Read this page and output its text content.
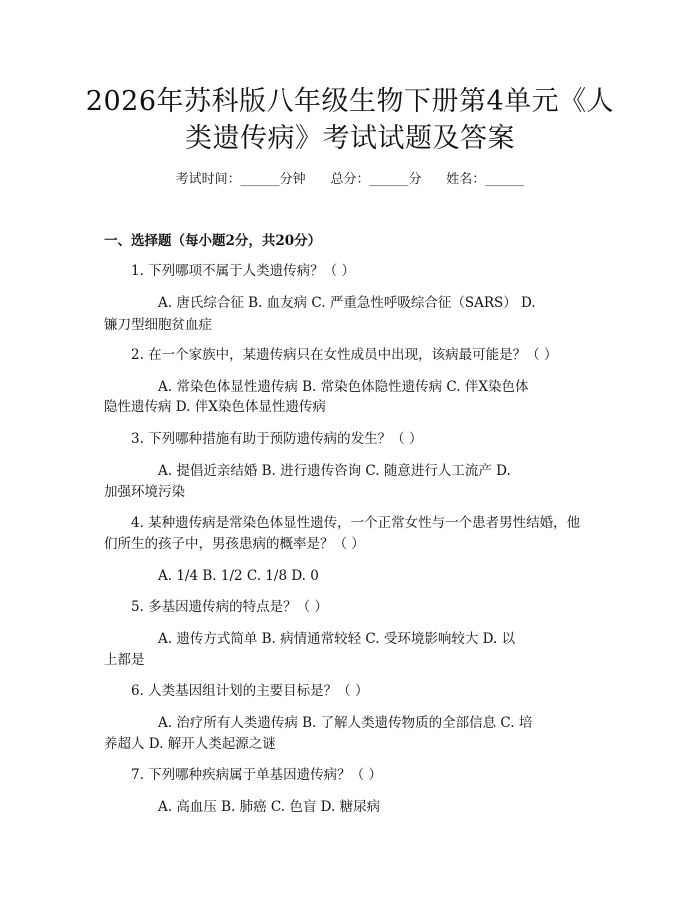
2026年苏科版八年级生物下册第4单元《人
类遗传病》考试试题及答案
考试时间：______分钟 总分：______分 姓名：______
一、选择题（每小题2分，共20分）
1. 下列哪项不属于人类遗传病？（ ）
A. 唐氏综合征 B. 血友病 C. 严重急性呼吸综合征（SARS） D.
镰刀型细胞贫血症
2. 在一个家族中，某遗传病只在女性成员中出现，该病最可能是？（ ）
A. 常染色体显性遗传病 B. 常染色体隐性遗传病 C. 伴X染色体
隐性遗传病 D. 伴X染色体显性遗传病
3. 下列哪种措施有助于预防遗传病的发生？（ ）
A. 提倡近亲结婚 B. 进行遗传咨询 C. 随意进行人工流产 D.
加强环境污染
4. 某种遗传病是常染色体显性遗传，一个正常女性与一个患者男性结婚，他
们所生的孩子中，男孩患病的概率是？（ ）
A. 1/4 B. 1/2 C. 1/8 D. 0
5. 多基因遗传病的特点是？（ ）
A. 遗传方式简单 B. 病情通常较轻 C. 受环境影响较大 D. 以
上都是
6. 人类基因组计划的主要目标是？（ ）
A. 治疗所有人类遗传病 B. 了解人类遗传物质的全部信息 C. 培
养超人 D. 解开人类起源之谜
7. 下列哪种疾病属于单基因遗传病？（ ）
A. 高血压 B. 肺癌 C. 色盲 D. 糖尿病
